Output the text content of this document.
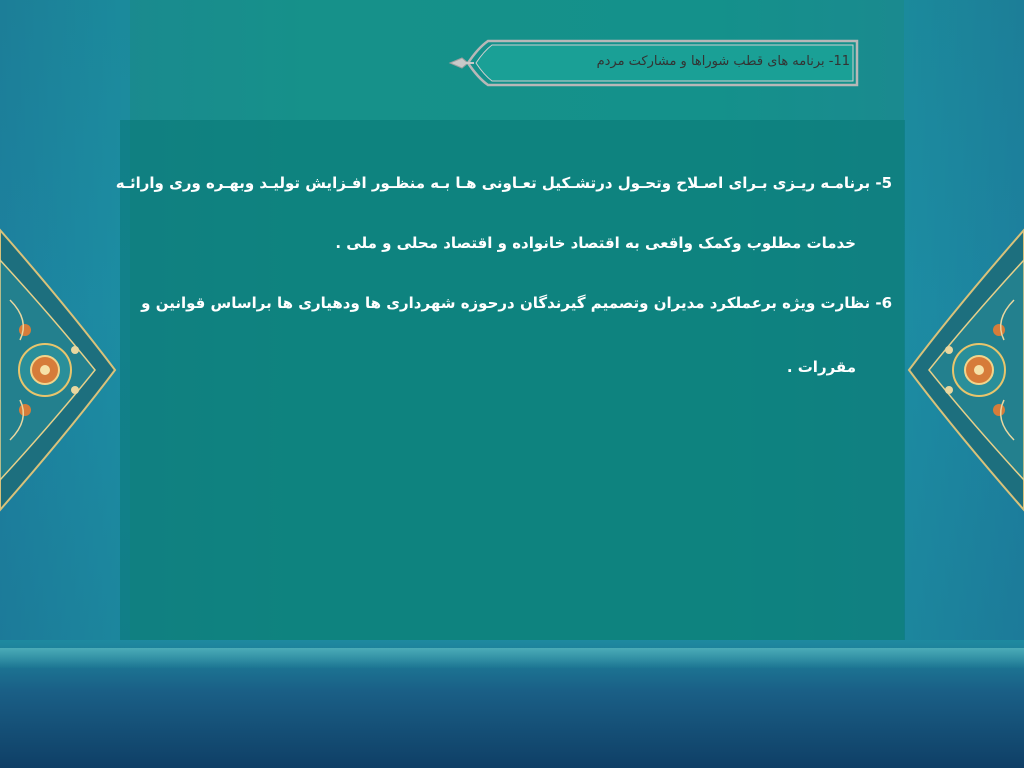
11- برنامه های قطب شوراها و مشارکت مردم
5- برنامـه ریـزی بـرای اصـلاح وتحـول درتشـکیل تعـاونی هـا بـه منظـور افـزایش تولیـد وبهـره وری وارائـه
خدمات مطلوب وکمک واقعی به اقتصاد خانواده و اقتصاد محلی و ملی .
6- نظارت ویژه برعملکرد مدیران وتصمیم گیرندگان درحوزه شهرداری ها ودهیاری ها براساس قوانین و
مقررات .
